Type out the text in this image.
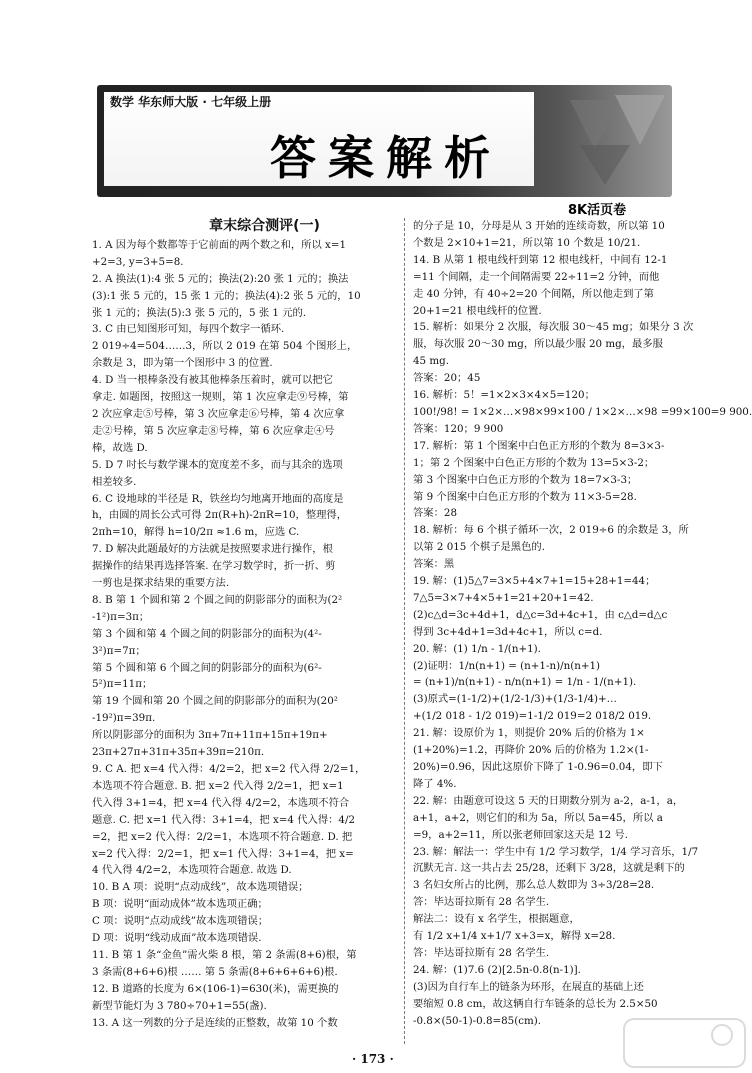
数学 华东师大版 · 七年级上册
答案解析
8K活页卷
章末综合测评(一)
1. A 因为每个数都等于它前面的两个数之和，所以 x=1
+2=3, y=3+5=8.
2. A 换法(1):4 张 5 元的；换法(2):20 张 1 元的；换法
(3):1 张 5 元的，15 张 1 元的；换法(4):2 张 5 元的，10
张 1 元的；换法(5):3 张 5 元的，5 张 1 元的.
3. C 由已知图形可知，每四个数字一循环.
2 019÷4=504……3，所以 2 019 在第 504 个图形上，
余数是 3，即为第一个图形中 3 的位置.
4. D 当一根棒条没有被其他棒条压着时，就可以把它
拿走. 如题图，按照这一规则，第 1 次应拿走⑨号棒，第
2 次应拿走⑤号棒，第 3 次应拿走⑥号棒，第 4 次应拿
走②号棒，第 5 次应拿走⑧号棒，第 6 次应拿走④号
棒，故选 D.
5. D 7 吋长与数学课本的宽度差不多，而与其余的选项
相差较多.
6. C 设地球的半径是 R，铁丝均匀地离开地面的高度是
h，由圆的周长公式可得 2π(R+h)-2πR=10，整理得，
2πh=10，解得 h=10/2π ≈1.6 m，应选 C.
7. D 解决此题最好的方法就是按照要求进行操作，根
据操作的结果再选择答案. 在学习数学时，折一折、剪
一剪也是探求结果的重要方法.
8. B 第 1 个圆和第 2 个圆之间的阴影部分的面积为(2²
-1²)π=3π；
第 3 个圆和第 4 个圆之间的阴影部分的面积为(4²-
3²)π=7π；
第 5 个圆和第 6 个圆之间的阴影部分的面积为(6²-
5²)π=11π；
第 19 个圆和第 20 个圆之间的阴影部分的面积为(20²
-19²)π=39π.
所以阴影部分的面积为 3π+7π+11π+15π+19π+
23π+27π+31π+35π+39π=210π.
9. C A. 把 x=4 代入得：4/2=2，把 x=2 代入得 2/2=1，
本选项不符合题意. B. 把 x=2 代入得 2/2=1，把 x=1
代入得 3+1=4，把 x=4 代入得 4/2=2，本选项不符合
题意. C. 把 x=1 代入得：3+1=4，把 x=4 代入得：4/2
=2，把 x=2 代入得：2/2=1，本选项不符合题意. D. 把
x=2 代入得：2/2=1，把 x=1 代入得：3+1=4，把 x=
4 代入得 4/2=2，本选项符合题意. 故选 D.
10. B A 项：说明“点动成线”，故本选项错误；
B 项：说明“面动成体”故本选项正确；
C 项：说明“点动成线”故本选项错误；
D 项：说明“线动成面”故本选项错误.
11. B 第 1 条“金鱼”需火柴 8 根，第 2 条需(8+6)根，第
3 条需(8+6+6)根 …… 第 5 条需(8+6+6+6+6)根.
12. B 道路的长度为 6×(106-1)=630(米)，需更换的
新型节能灯为 3 780÷70+1=55(盏).
13. A 这一列数的分子是连续的正整数，故第 10 个数
的分子是 10，分母是从 3 开始的连续奇数，所以第 10
个数是 2×10+1=21，所以第 10 个数是 10/21.
14. B 从第 1 根电线杆到第 12 根电线杆，中间有 12-1
=11 个间隔，走一个间隔需要 22÷11=2 分钟，而他
走 40 分钟，有 40÷2=20 个间隔，所以他走到了第
20+1=21 根电线杆的位置.
15. 解析：如果分 2 次服，每次服 30～45 mg；如果分 3 次
服，每次服 20～30 mg，所以最少服 20 mg，最多服
45 mg.
答案：20；45
16. 解析：5！=1×2×3×4×5=120；
100!/98! = 1×2×…×98×99×100 / 1×2×…×98 =99×100=9 900.
答案：120；9 900
17. 解析：第 1 个图案中白色正方形的个数为 8=3×3-
1；第 2 个图案中白色正方形的个数为 13=5×3-2；
第 3 个图案中白色正方形的个数为 18=7×3-3；
第 9 个图案中白色正方形的个数为 11×3-5=28.
答案：28
18. 解析：每 6 个棋子循环一次，2 019÷6 的余数是 3，所
以第 2 015 个棋子是黑色的.
答案：黑
19. 解：(1)5△7=3×5+4×7+1=15+28+1=44；
7△5=3×7+4×5+1=21+20+1=42.
(2)c△d=3c+4d+1，d△c=3d+4c+1，由 c△d=d△c
得到 3c+4d+1=3d+4c+1，所以 c=d.
20. 解：(1) 1/n - 1/(n+1).
(2)证明：1/n(n+1) = (n+1-n)/n(n+1)
= (n+1)/n(n+1) - n/n(n+1) = 1/n - 1/(n+1).
(3)原式=(1-1/2)+(1/2-1/3)+(1/3-1/4)+…
+(1/2 018 - 1/2 019)=1-1/2 019=2 018/2 019.
21. 解：设原价为 1，则提价 20% 后的价格为 1×
(1+20%)=1.2，再降价 20% 后的价格为 1.2×(1-
20%)=0.96，因此这原价下降了 1-0.96=0.04，即下
降了 4%.
22. 解：由题意可设这 5 天的日期数分别为 a-2，a-1，a，
a+1，a+2，则它们的和为 5a，所以 5a=45，所以 a
=9，a+2=11，所以张老师回家这天是 12 号.
23. 解：解法一：学生中有 1/2 学习数学，1/4 学习音乐，1/7
沉默无言. 这一共占去 25/28，还剩下 3/28，这就是剩下的
3 名妇女所占的比例，那么总人数即为 3÷3/28=28.
答：毕达哥拉斯有 28 名学生.
解法二：设有 x 名学生，根据题意，
有 1/2 x+1/4 x+1/7 x+3=x，解得 x=28.
答：毕达哥拉斯有 28 名学生.
24. 解：(1)7.6 (2)[2.5n-0.8(n-1)].
(3)因为自行车上的链条为环形，在展直的基础上还
要缩短 0.8 cm，故这辆自行车链条的总长为 2.5×50
-0.8×(50-1)-0.8=85(cm).
· 173 ·
